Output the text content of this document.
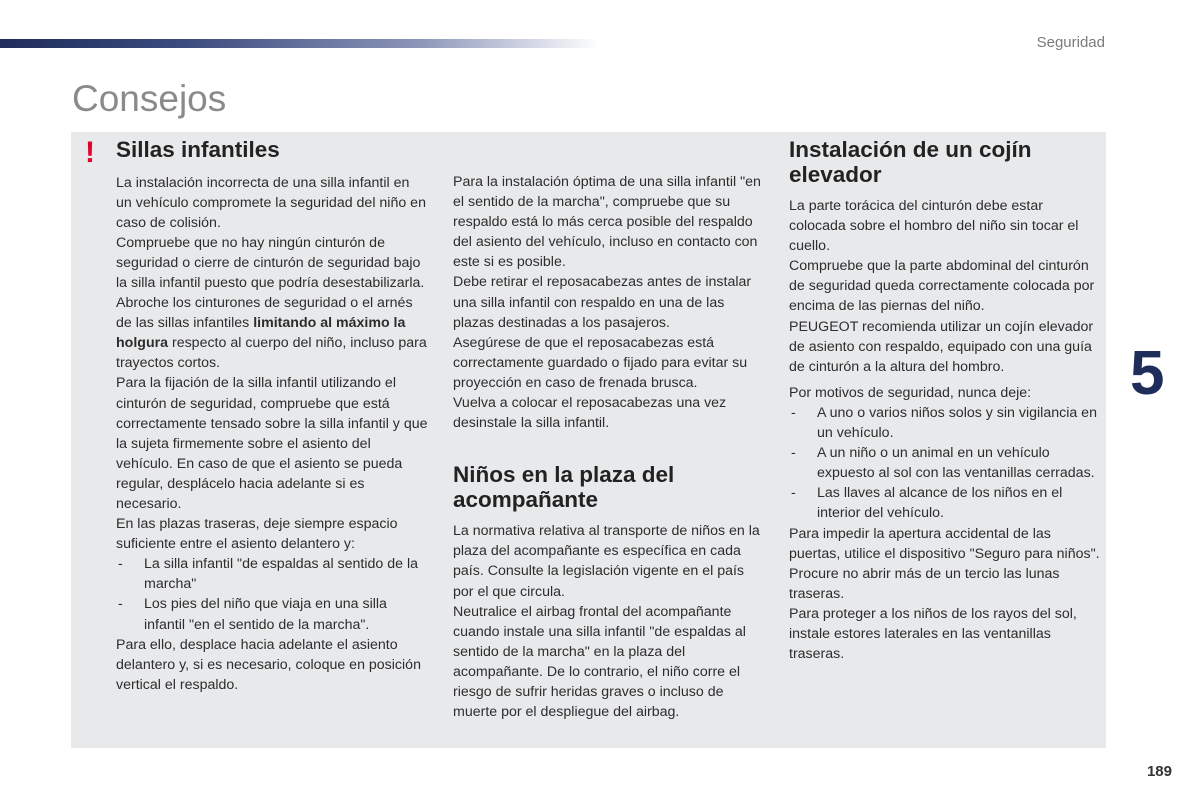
Seguridad
Consejos
! Sillas infantiles

La instalación incorrecta de una silla infantil en un vehículo compromete la seguridad del niño en caso de colisión.

Compruebe que no hay ningún cinturón de seguridad o cierre de cinturón de seguridad bajo la silla infantil puesto que podría desestabilizarla.

Abroche los cinturones de seguridad o el arnés de las sillas infantiles limitando al máximo la holgura respecto al cuerpo del niño, incluso para trayectos cortos.

Para la fijación de la silla infantil utilizando el cinturón de seguridad, compruebe que está correctamente tensado sobre la silla infantil y que la sujeta firmemente sobre el asiento del vehículo. En caso de que el asiento se pueda regular, desplácelo hacia adelante si es necesario.

En las plazas traseras, deje siempre espacio suficiente entre el asiento delantero y:

- La silla infantil "de espaldas al sentido de la marcha"

- Los pies del niño que viaja en una silla infantil "en el sentido de la marcha".

Para ello, desplace hacia adelante el asiento delantero y, si es necesario, coloque en posición vertical el respaldo.

Para la instalación óptima de una silla infantil "en el sentido de la marcha", compruebe que su respaldo está lo más cerca posible del respaldo del asiento del vehículo, incluso en contacto con este si es posible.

Debe retirar el reposacabezas antes de instalar una silla infantil con respaldo en una de las plazas destinadas a los pasajeros.

Asegúrese de que el reposacabezas está correctamente guardado o fijado para evitar su proyección en caso de frenada brusca.

Vuelva a colocar el reposacabezas una vez desinstale la silla infantil.

Niños en la plaza del acompañante

La normativa relativa al transporte de niños en la plaza del acompañante es específica en cada país. Consulte la legislación vigente en el país por el que circula.

Neutralice el airbag frontal del acompañante cuando instale una silla infantil "de espaldas al sentido de la marcha" en la plaza del acompañante. De lo contrario, el niño corre el riesgo de sufrir heridas graves o incluso de muerte por el despliegue del airbag.

Instalación de un cojín elevador

La parte torácica del cinturón debe estar colocada sobre el hombro del niño sin tocar el cuello.

Compruebe que la parte abdominal del cinturón de seguridad queda correctamente colocada por encima de las piernas del niño.

PEUGEOT recomienda utilizar un cojín elevador de asiento con respaldo, equipado con una guía de cinturón a la altura del hombro.

Por motivos de seguridad, nunca deje:

- A uno o varios niños solos y sin vigilancia en un vehículo.

- A un niño o un animal en un vehículo expuesto al sol con las ventanillas cerradas.

- Las llaves al alcance de los niños en el interior del vehículo.

Para impedir la apertura accidental de las puertas, utilice el dispositivo "Seguro para niños".

Procure no abrir más de un tercio las lunas traseras.

Para proteger a los niños de los rayos del sol, instale estores laterales en las ventanillas traseras.

5
189
